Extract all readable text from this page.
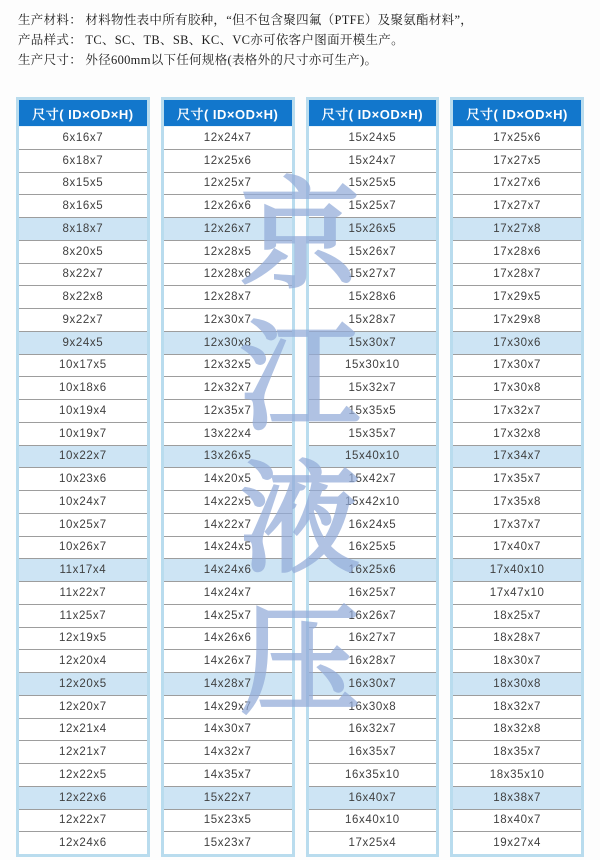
生产材料： 材料物性表中所有胶种，“但不包含聚四氟（PTFE）及聚氨酯材料”，

产品样式： TC、SC、TB、SB、KC、VC亦可依客户图面开模生产。

生产尺寸： 外径600mm以下任何规格(表格外的尺寸亦可生产)。

尺寸( ID×OD×H)
6x16x7
6x18x7
8x15x5
8x16x5
8x18x7
8x20x5
8x22x7
8x22x8
9x22x7
9x24x5
10x17x5
10x18x6
10x19x4
10x19x7
10x22x7
10x23x6
10x24x7
10x25x7
10x26x7
11x17x4
11x22x7
11x25x7
12x19x5
12x20x4
12x20x5
12x20x7
12x21x4
12x21x7
12x22x5
12x22x6
12x22x7
12x24x6
尺寸( ID×OD×H)
12x24x7
12x25x6
12x25x7
12x26x6
12x26x7
12x28x5
12x28x6
12x28x7
12x30x7
12x30x8
12x32x5
12x32x7
12x35x7
13x22x4
13x26x5
14x20x5
14x22x5
14x22x7
14x24x5
14x24x6
14x24x7
14x25x7
14x26x6
14x26x7
14x28x7
14x29x7
14x30x7
14x32x7
14x35x7
15x22x7
15x23x5
15x23x7
尺寸( ID×OD×H)
15x24x5
15x24x7
15x25x5
15x25x7
15x26x5
15x26x7
15x27x7
15x28x6
15x28x7
15x30x7
15x30x10
15x32x7
15x35x5
15x35x7
15x40x10
15x42x7
15x42x10
16x24x5
16x25x5
16x25x6
16x25x7
16x26x7
16x27x7
16x28x7
16x30x7
16x30x8
16x32x7
16x35x7
16x35x10
16x40x7
16x40x10
17x25x4
尺寸( ID×OD×H)
17x25x6
17x27x5
17x27x6
17x27x7
17x27x8
17x28x6
17x28x7
17x29x5
17x29x8
17x30x6
17x30x7
17x30x8
17x32x7
17x32x8
17x34x7
17x35x7
17x35x8
17x37x7
17x40x7
17x40x10
17x47x10
18x25x7
18x28x7
18x30x7
18x30x8
18x32x7
18x32x8
18x35x7
18x35x10
18x38x7
18x40x7
19x27x4
京
江
液
压
